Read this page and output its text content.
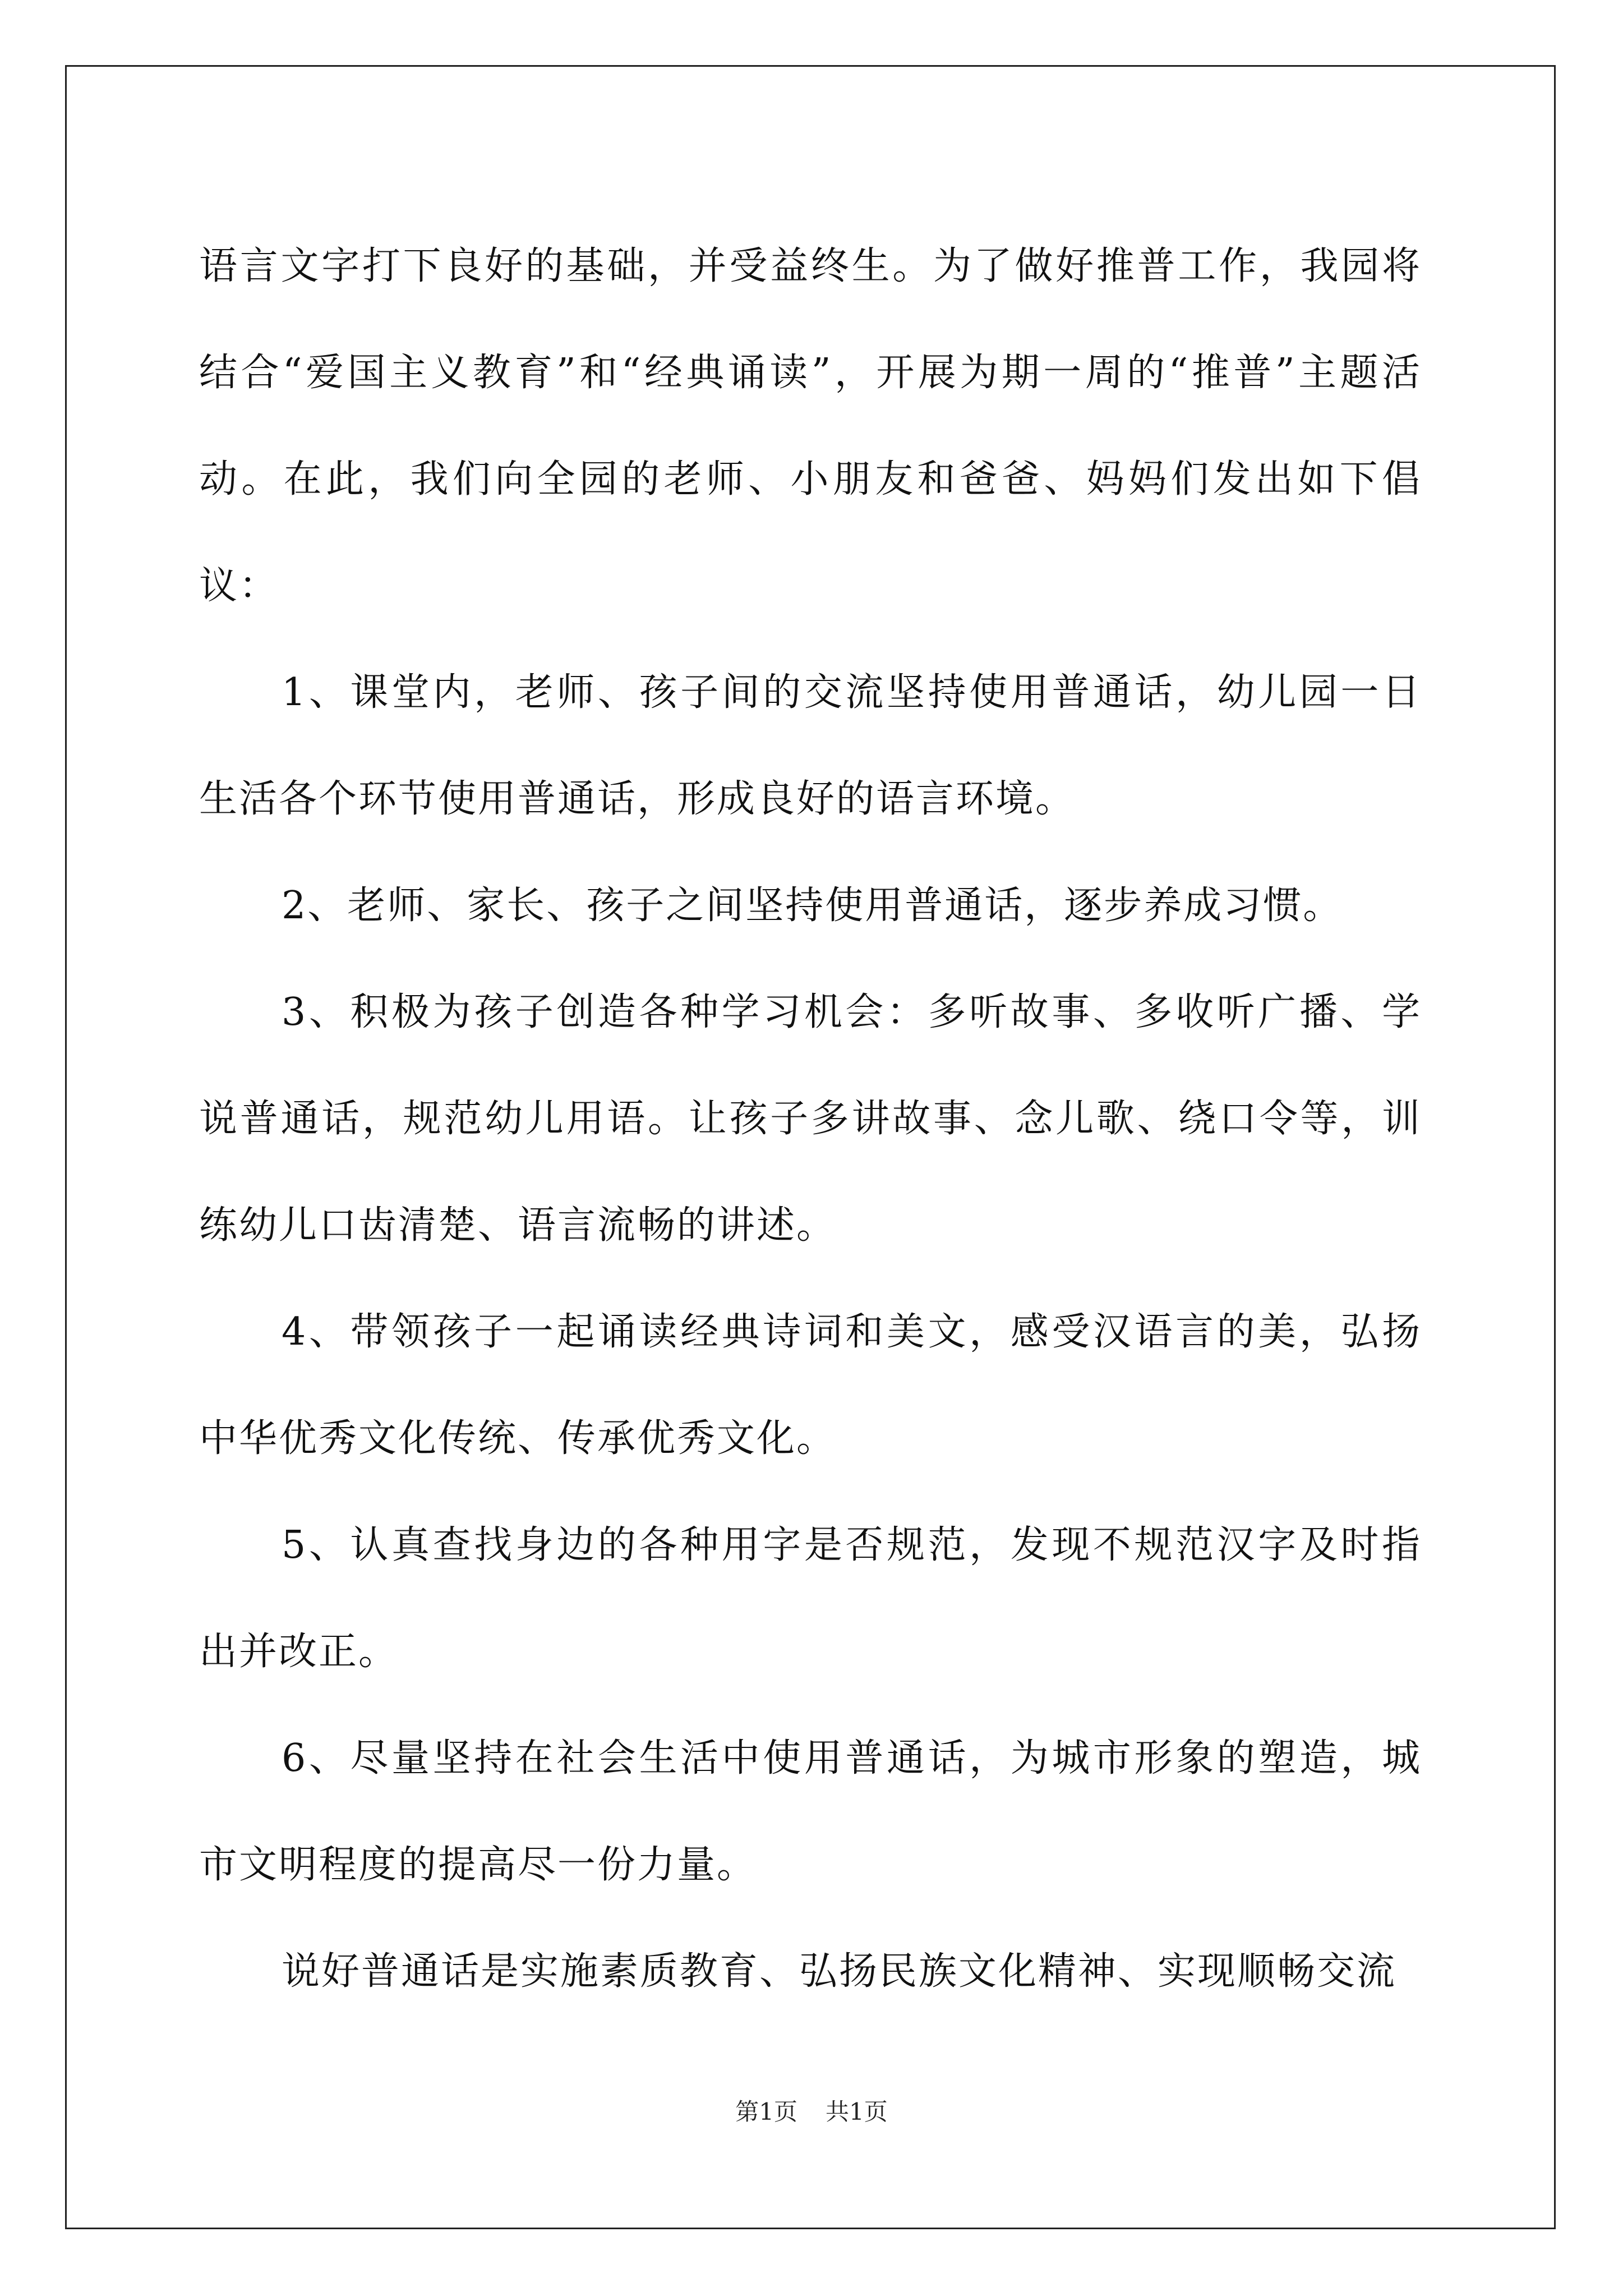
语言文字打下良好的基础，并受益终生。为了做好推普工作，我园将结合“爱国主义教育”和“经典诵读”，开展为期一周的“推普”主题活动。在此，我们向全园的老师、小朋友和爸爸、妈妈们发出如下倡议：

1、课堂内，老师、孩子间的交流坚持使用普通话，幼儿园一日生活各个环节使用普通话，形成良好的语言环境。

2、老师、家长、孩子之间坚持使用普通话，逐步养成习惯。

3、积极为孩子创造各种学习机会：多听故事、多收听广播、学说普通话，规范幼儿用语。让孩子多讲故事、念儿歌、绕口令等，训练幼儿口齿清楚、语言流畅的讲述。

4、带领孩子一起诵读经典诗词和美文，感受汉语言的美，弘扬中华优秀文化传统、传承优秀文化。

5、认真查找身边的各种用字是否规范，发现不规范汉字及时指出并改正。

6、尽量坚持在社会生活中使用普通话，为城市形象的塑造，城市文明程度的提高尽一份力量。

说好普通话是实施素质教育、弘扬民族文化精神、实现顺畅交流

第1页 共1页
